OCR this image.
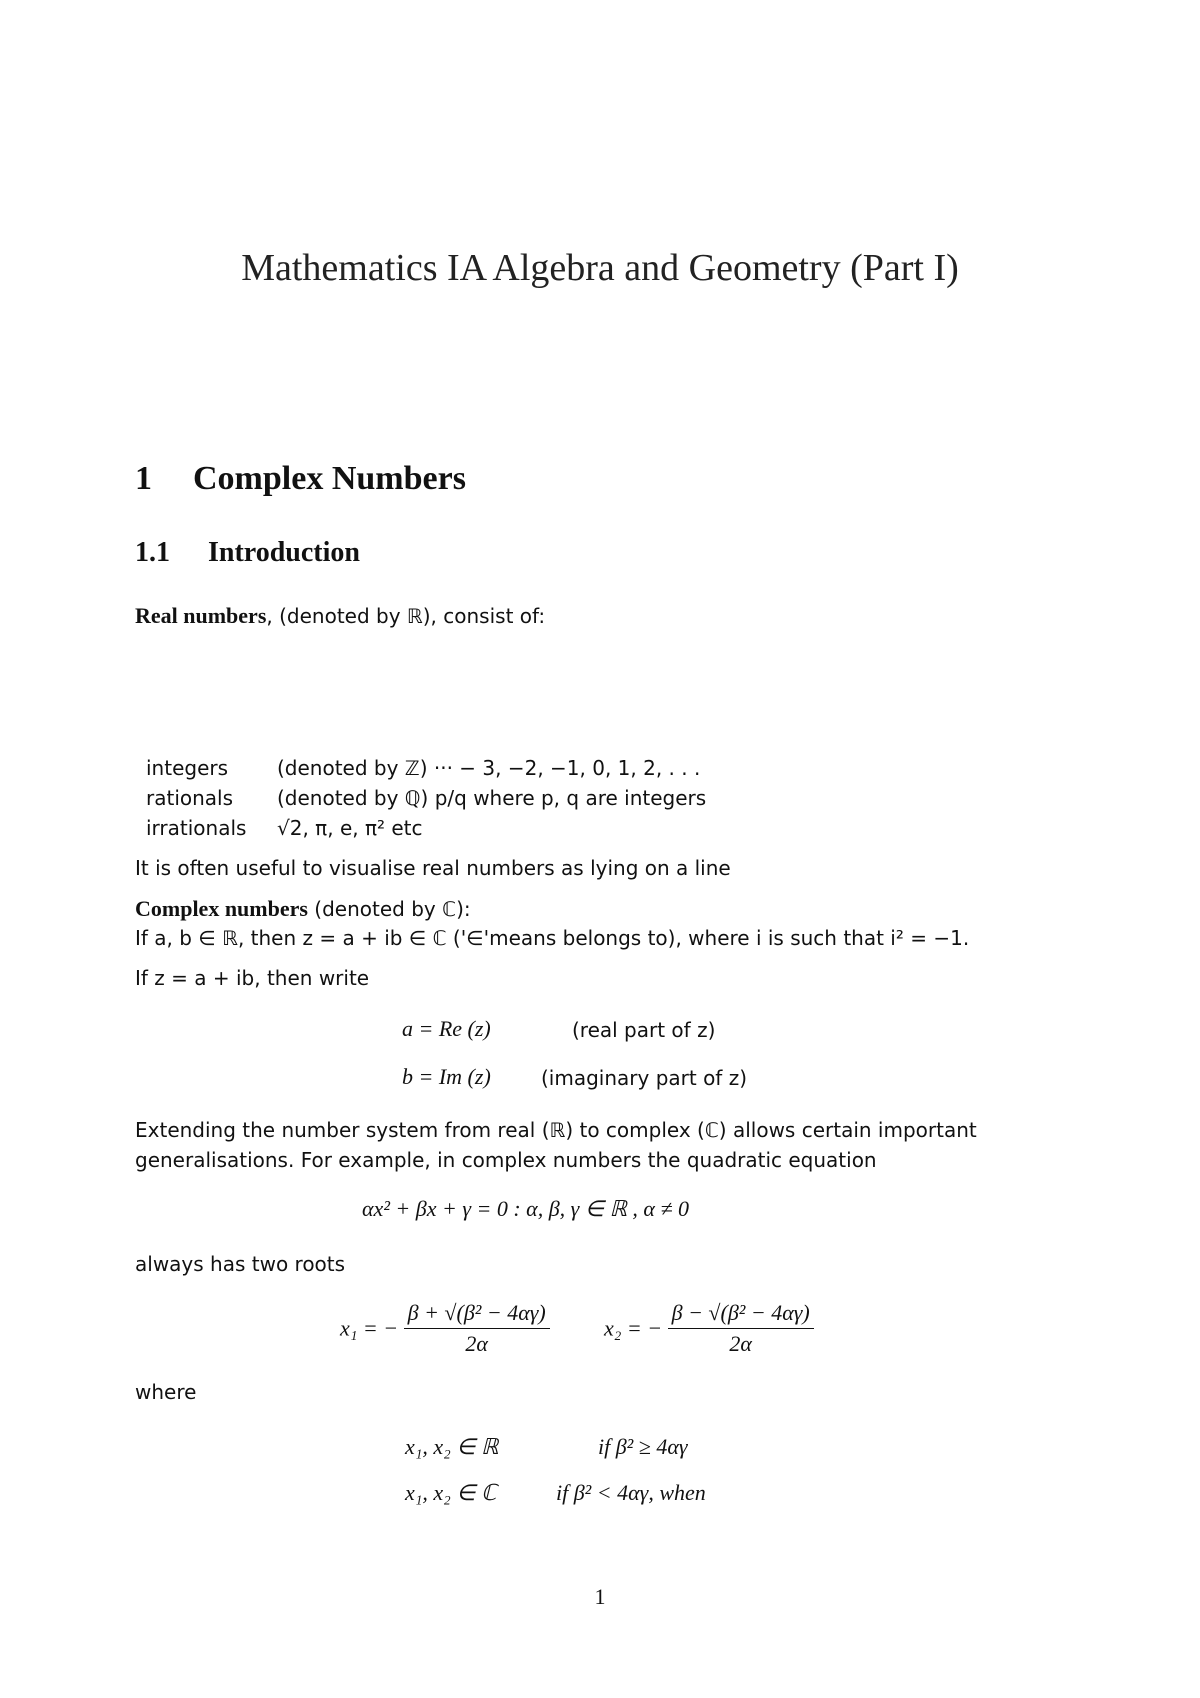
Mathematics IA Algebra and Geometry (Part I)
1 Complex Numbers
1.1 Introduction
Real numbers, (denoted by ℝ), consist of:
integers (denoted by ℤ) ··· − 3, −2, −1, 0, 1, 2, . . .
rationals (denoted by ℚ) p/q where p, q are integers
irrationals √2, π, e, π² etc
It is often useful to visualise real numbers as lying on a line
Complex numbers (denoted by ℂ):
If a, b ∈ ℝ, then z = a + ib ∈ ℂ ('∈'means belongs to), where i is such that i² = −1.
If z = a + ib, then write
a = Re (z)	(real part of z)
b = Im (z)	(imaginary part of z)
Extending the number system from real (ℝ) to complex (ℂ) allows certain important
generalisations. For example, in complex numbers the quadratic equation
αx² + βx + γ = 0 : α, β, γ ∈ ℝ , α ≠ 0
always has two roots
x₁ = − $\frac{\text{β + √(β² − 4αγ)}}{2\alpha} x_2$ = − $\frac{\text{β − √(β² − 4αγ)}}{2\alpha}$
where
x₁, x₂ ∈ ℝ	if β² ≥ 4αγ
x₁, x₂ ∈ ℂ	if β² < 4αγ, when
1
